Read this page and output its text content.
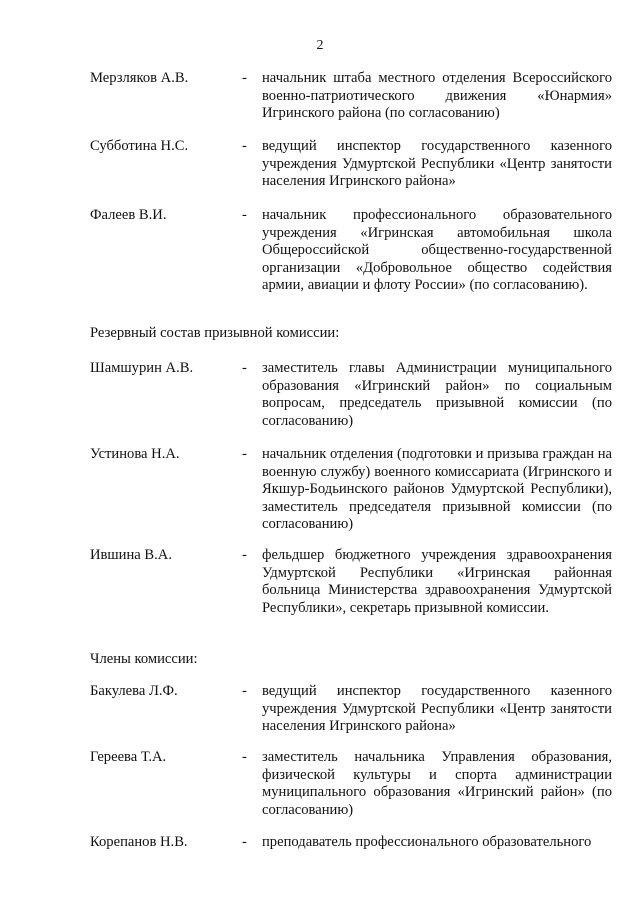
2
Мерзляков А.В.	- начальник штаба местного отделения Всероссийского военно-патриотического движения «Юнармия» Игринского района (по согласованию)
Субботина Н.С.	- ведущий инспектор государственного казенного учреждения Удмуртской Республики «Центр занятости населения Игринского района»
Фалеев В.И.	- начальник профессионального образовательного учреждения «Игринская автомобильная школа Общероссийской общественно-государственной организации «Добровольное общество содействия армии, авиации и флоту России» (по согласованию).
Резервный состав призывной комиссии:
Шамшурин А.В.	- заместитель главы Администрации муниципального образования «Игринский район» по социальным вопросам, председатель призывной комиссии (по согласованию)
Устинова Н.А.	- начальник отделения (подготовки и призыва граждан на военную службу) военного комиссариата (Игринского и Якшур-Бодьинского районов Удмуртской Республики), заместитель председателя призывной комиссии (по согласованию)
Ившина В.А.	- фельдшер бюджетного учреждения здравоохранения Удмуртской Республики «Игринская районная больница Министерства здравоохранения Удмуртской Республики», секретарь призывной комиссии.
Члены комиссии:
Бакулева Л.Ф.	- ведущий инспектор государственного казенного учреждения Удмуртской Республики «Центр занятости населения Игринского района»
Гереева Т.А.	- заместитель начальника Управления образования, физической культуры и спорта администрации муниципального образования «Игринский район» (по согласованию)
Корепанов Н.В.	- преподаватель профессионального образовательного
